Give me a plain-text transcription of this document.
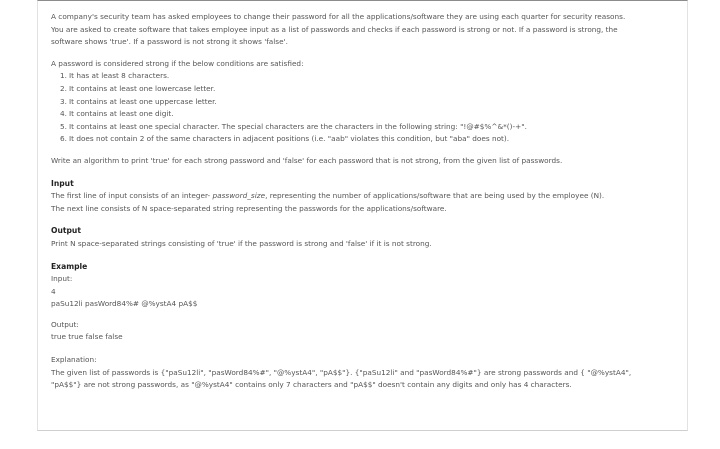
A company's security team has asked employees to change their password for all the applications/software they are using each quarter for security reasons.

You are asked to create software that takes employee input as a list of passwords and checks if each password is strong or not. If a password is strong, the

software shows 'true'. If a password is not strong it shows 'false'.

A password is considered strong if the below conditions are satisfied:

1. It has at least 8 characters.
2. It contains at least one lowercase letter.
3. It contains at least one uppercase letter.
4. It contains at least one digit.
5. It contains at least one special character. The special characters are the characters in the following string: "!@#$%^&*()-+".
6. It does not contain 2 of the same characters in adjacent positions (i.e. "aab" violates this condition, but "aba" does not).

Write an algorithm to print 'true' for each strong password and 'false' for each password that is not strong, from the given list of passwords.

Input

The first line of input consists of an integer- password_size, representing the number of applications/software that are being used by the employee (N).

The next line consists of N space-separated string representing the passwords for the applications/software.

Output

Print N space-separated strings consisting of 'true' if the password is strong and 'false' if it is not strong.

Example

Input:

4

paSu12li pasWord84%# @%ystA4 pA$$

Output:

true true false false

Explanation:

The given list of passwords is {"paSu12li", "pasWord84%#", "@%ystA4", "pA$$"}. {"paSu12li" and "pasWord84%#"} are strong passwords and { "@%ystA4",

"pA$$"} are not strong passwords, as "@%ystA4" contains only 7 characters and "pA$$" doesn't contain any digits and only has 4 characters.
